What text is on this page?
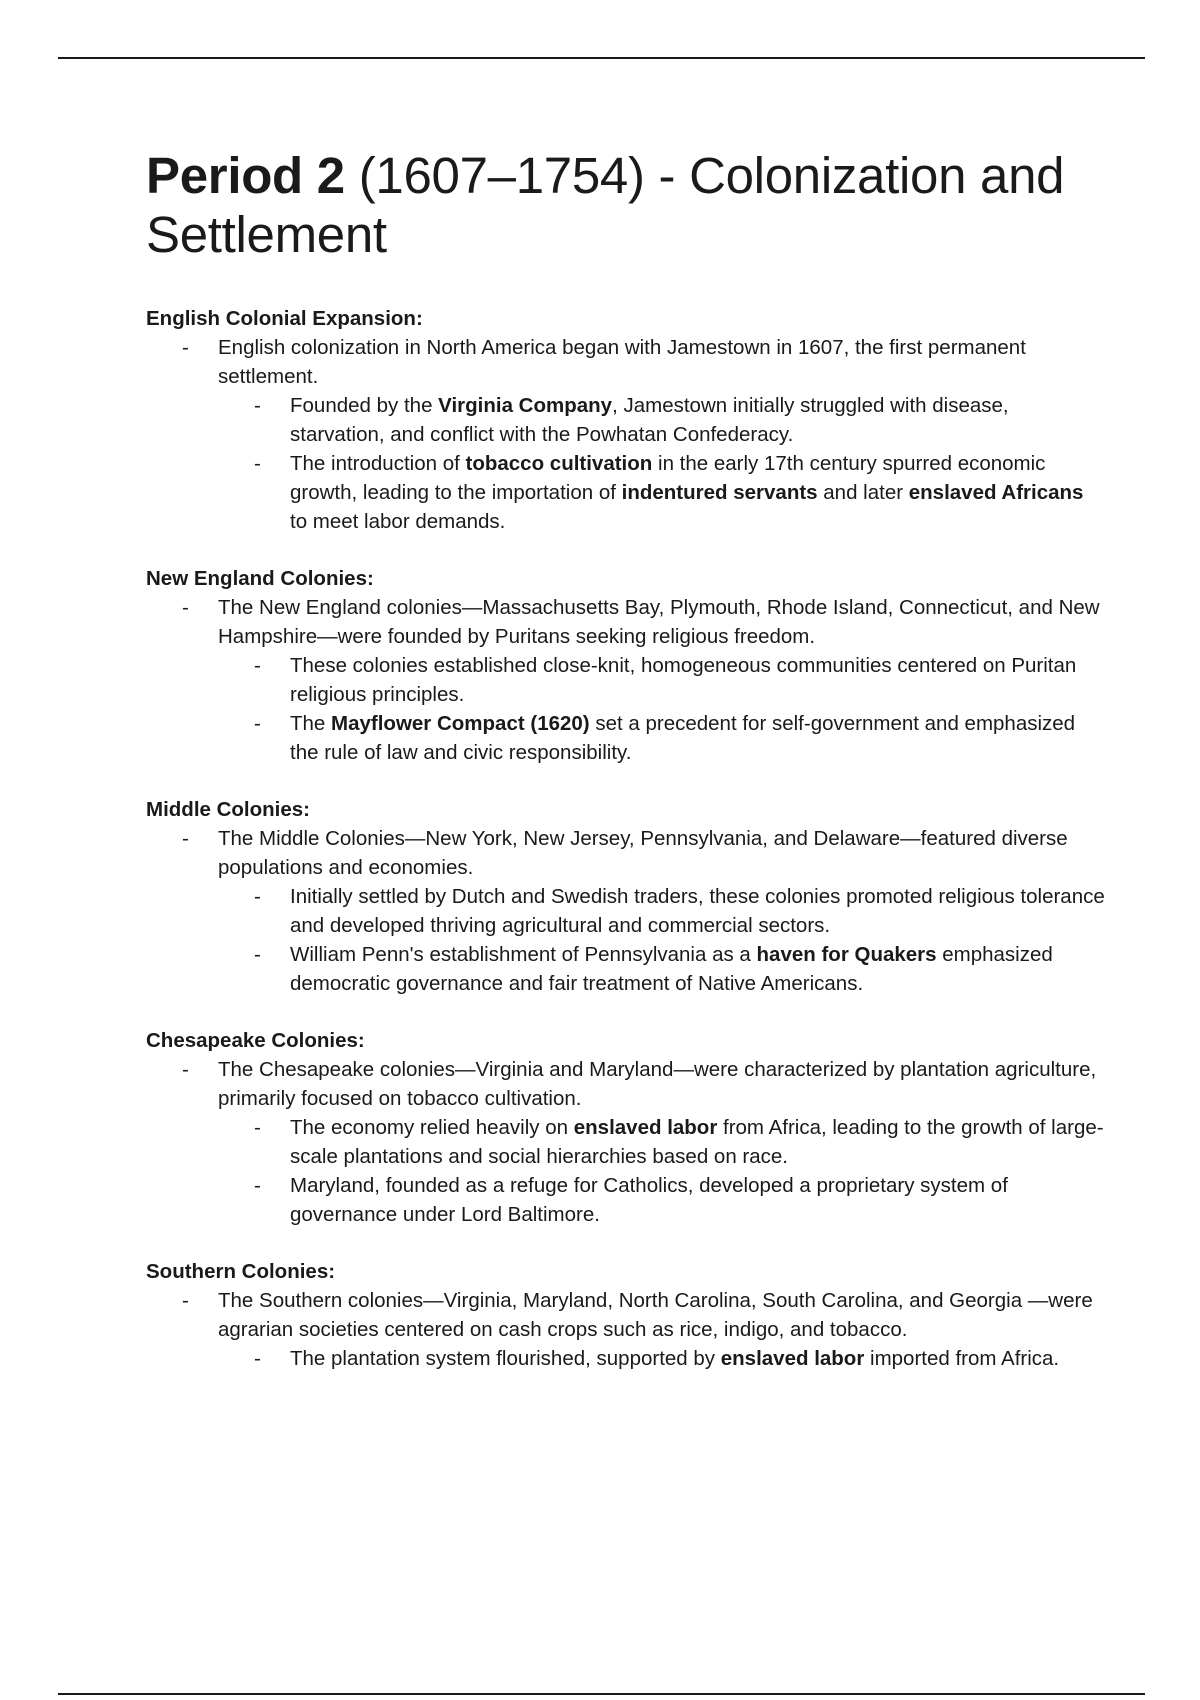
Period 2 (1607–1754) - Colonization and Settlement
English Colonial Expansion:
- English colonization in North America began with Jamestown in 1607, the first permanent settlement.
- Founded by the Virginia Company, Jamestown initially struggled with disease, starvation, and conflict with the Powhatan Confederacy.
- The introduction of tobacco cultivation in the early 17th century spurred economic growth, leading to the importation of indentured servants and later enslaved Africans to meet labor demands.
New England Colonies:
- The New England colonies—Massachusetts Bay, Plymouth, Rhode Island, Connecticut, and New Hampshire—were founded by Puritans seeking religious freedom.
- These colonies established close-knit, homogeneous communities centered on Puritan religious principles.
- The Mayflower Compact (1620) set a precedent for self-government and emphasized the rule of law and civic responsibility.
Middle Colonies:
- The Middle Colonies—New York, New Jersey, Pennsylvania, and Delaware—featured diverse populations and economies.
- Initially settled by Dutch and Swedish traders, these colonies promoted religious tolerance and developed thriving agricultural and commercial sectors.
- William Penn's establishment of Pennsylvania as a haven for Quakers emphasized democratic governance and fair treatment of Native Americans.
Chesapeake Colonies:
- The Chesapeake colonies—Virginia and Maryland—were characterized by plantation agriculture, primarily focused on tobacco cultivation.
- The economy relied heavily on enslaved labor from Africa, leading to the growth of large-scale plantations and social hierarchies based on race.
- Maryland, founded as a refuge for Catholics, developed a proprietary system of governance under Lord Baltimore.
Southern Colonies:
- The Southern colonies—Virginia, Maryland, North Carolina, South Carolina, and Georgia —were agrarian societies centered on cash crops such as rice, indigo, and tobacco.
- The plantation system flourished, supported by enslaved labor imported from Africa.
